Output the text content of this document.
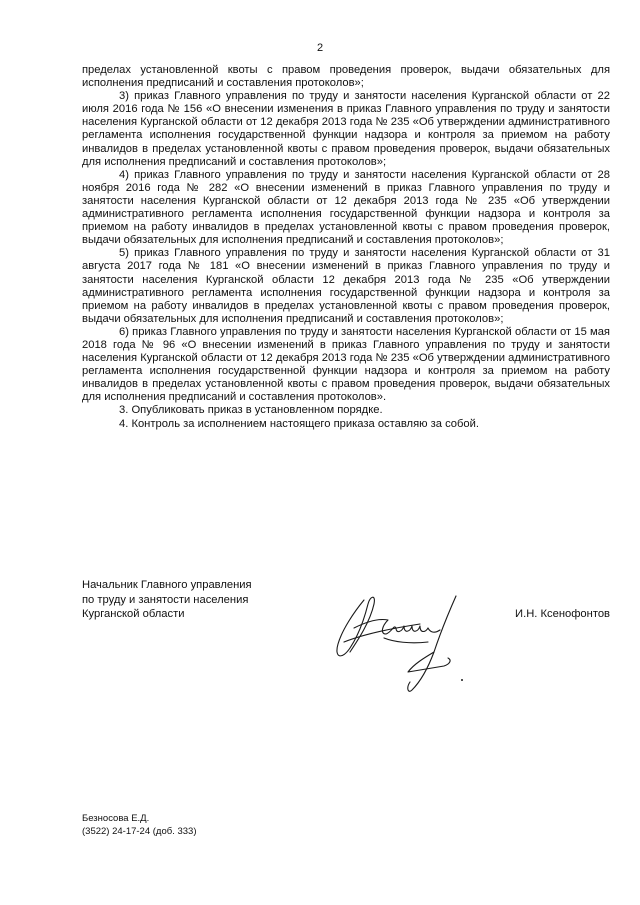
2

пределах установленной квоты с правом проведения проверок, выдачи обязательных для исполнения предписаний и составления протоколов»;

3) приказ Главного управления по труду и занятости населения Курганской области от 22 июля 2016 года № 156 «О внесении изменения в приказ Главного управления по труду и занятости населения Курганской области от 12 декабря 2013 года № 235 «Об утверждении административного регламента исполнения государственной функции надзора и контроля за приемом на работу инвалидов в пределах установленной квоты с правом проведения проверок, выдачи обязательных для исполнения предписаний и составления протоколов»;

4) приказ Главного управления по труду и занятости населения Курганской области от 28 ноября 2016 года № 282 «О внесении изменений в приказ Главного управления по труду и занятости населения Курганской области от 12 декабря 2013 года № 235 «Об утверждении административного регламента исполнения государственной функции надзора и контроля за приемом на работу инвалидов в пределах установленной квоты с правом проведения проверок, выдачи обязательных для исполнения предписаний и составления протоколов»;

5) приказ Главного управления по труду и занятости населения Курганской области от 31 августа 2017 года № 181 «О внесении изменений в приказ Главного управления по труду и занятости населения Курганской области 12 декабря 2013 года № 235 «Об утверждении административного регламента исполнения государственной функции надзора и контроля за приемом на работу инвалидов в пределах установленной квоты с правом проведения проверок, выдачи обязательных для исполнения предписаний и составления протоколов»;

6) приказ Главного управления по труду и занятости населения Курганской области от 15 мая 2018 года № 96 «О внесении изменений в приказ Главного управления по труду и занятости населения Курганской области от 12 декабря 2013 года № 235 «Об утверждении административного регламента исполнения государственной функции надзора и контроля за приемом на работу инвалидов в пределах установленной квоты с правом проведения проверок, выдачи обязательных для исполнения предписаний и составления протоколов».

3. Опубликовать приказ в установленном порядке.

4. Контроль за исполнением настоящего приказа оставляю за собой.

Начальник Главного управления
по труду и занятости населения
Курганской области	И.Н. Ксенофонтов
Безносова Е.Д.
(3522) 24-17-24 (доб. 333)
